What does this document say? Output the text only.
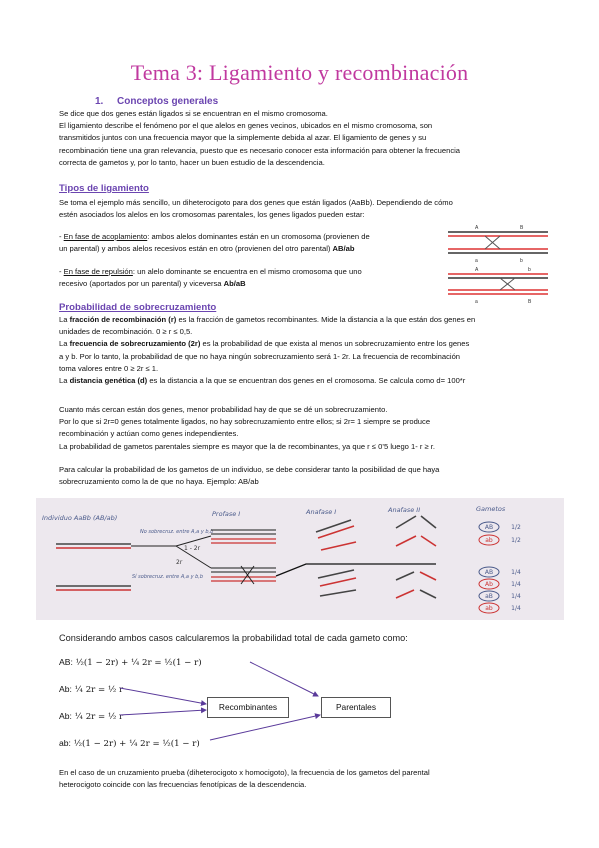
Tema 3: Ligamiento y recombinación
1. Conceptos generales

Se dice que dos genes están ligados si se encuentran en el mismo cromosoma.

El ligamiento describe el fenómeno por el que alelos en genes vecinos, ubicados en el mismo cromosoma, son

transmitidos juntos con una frecuencia mayor que la simplemente debida al azar. El ligamiento de genes y su

recombinación tiene una gran relevancia, puesto que es necesario conocer esta información para obtener la frecuencia

correcta de gametos y, por lo tanto, hacer un buen estudio de la descendencia.

Tipos de ligamiento

Se toma el ejemplo más sencillo, un diheterocigoto para dos genes que están ligados (AaBb). Dependiendo de cómo

estén asociados los alelos en los cromosomas parentales, los genes ligados pueden estar:

- En fase de acoplamiento: ambos alelos dominantes están en un cromosoma (provienen de

un parental) y ambos alelos recesivos están en otro (provienen del otro parental) AB/ab

- En fase de repulsión: un alelo dominante se encuentra en el mismo cromosoma que uno

recesivo (aportados por un parental) y viceversa Ab/aB

A	B
a	b
A	b
a	B
Probabilidad de sobrecruzamiento

La fracción de recombinación (r) es la fracción de gametos recombinantes. Mide la distancia a la que están dos genes en

unidades de recombinación. 0 ≥ r ≤ 0,5.

La frecuencia de sobrecruzamiento (2r) es la probabilidad de que exista al menos un sobrecruzamiento entre los genes

a y b. Por lo tanto, la probabilidad de que no haya ningún sobrecruzamiento será 1- 2r. La frecuencia de recombinación

toma valores entre 0 ≥ 2r ≤ 1.

La distancia genética (d) es la distancia a la que se encuentran dos genes en el cromosoma. Se calcula como d= 100*r

Cuanto más cercan están dos genes, menor probabilidad hay de que se dé un sobrecruzamiento.

Por lo que si 2r=0 genes totalmente ligados, no hay sobrecruzamiento entre ellos; si 2r= 1 siempre se produce

recombinación y actúan como genes independientes.

La probabilidad de gametos parentales siempre es mayor que la de recombinantes, ya que r ≤ 0’5 luego 1- r ≥ r.

Para calcular la probabilidad de los gametos de un individuo, se debe considerar tanto la posibilidad de que haya

sobrecruzamiento como la de que no haya. Ejemplo: AB/ab

Individuo AaBb (AB/ab)	Profase I	Anafase I	Anafase II	Gametos
No sobrecruz. entre A,a y b,b
Sí sobrecruz. entre A,a y b,b
1 - 2r
2r
AB	1/2
ab	1/2
AB	1/4
Ab	1/4
aB	1/4
ab	1/4
Considerando ambos casos calcularemos la probabilidad total de cada gameto como:
AB: ½(1 − 2r) + ¼ 2r = ½(1 − r)
Ab: ¼ 2r = ½ r
Ab: ¼ 2r = ½ r
ab: ½(1 − 2r) + ¼ 2r = ½(1 − r)
Recombinantes	Parentales

En el caso de un cruzamiento prueba (diheterocigoto x homocigoto), la frecuencia de los gametos del parental

heterocigoto coincide con las frecuencias fenotípicas de la descendencia.
